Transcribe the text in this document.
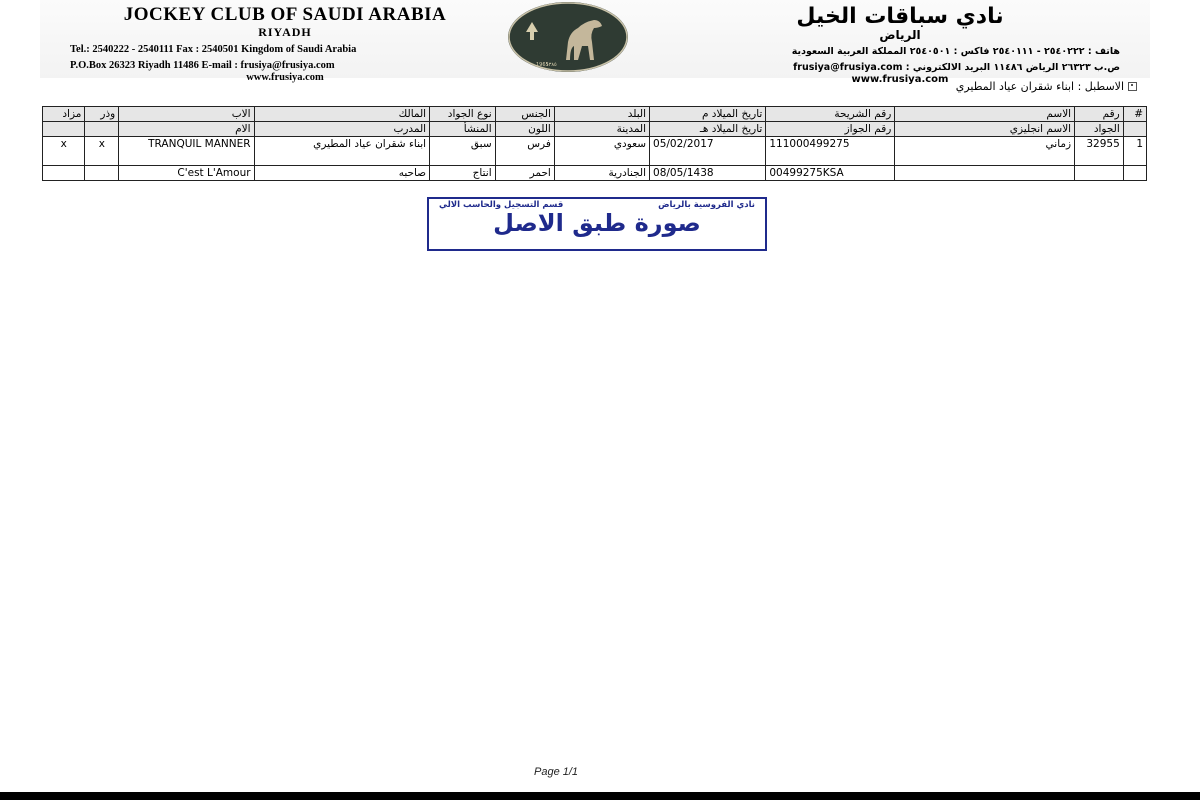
JOCKEY CLUB OF SAUDI ARABIA
RIYADH
Tel.: 2540222 - 2540111 Fax : 2540501 Kingdom of Saudi Arabia
P.O.Box 26323 Riyadh 11486 E-mail : frusiya@frusiya.com
www.frusiya.com
1965
١٣٨٥
نادي سباقات الخيل
الرياض
هاتف : ٢٥٤٠٢٢٢ - ٢٥٤٠١١١ فاكس : ٢٥٤٠٥٠١ المملكة العربية السعودية
ص.ب ٢٦٣٢٣ الرياض ١١٤٨٦ البريد الالكتروني : frusiya@frusiya.com
www.frusiya.com
الاسطبل : ابناء شقران عياد المطيري
#	رقم	الاسم	رقم الشريحة	تاريخ الميلاد م	البلد	الجنس	نوع الجواد	المالك	الاب	وذر	مزاد
	الجواد	الاسم انجليزي	رقم الجواز	تاريخ الميلاد هـ	المدينة	اللون	المنشأ	المدرب	الام		
1	32955	زماني	111000499275	05/02/2017	سعودي	فرس	سبق	ابناء شقران عياد المطيري	TRANQUIL MANNER	x	x
			00499275KSA	08/05/1438	الجنادرية	احمر	انتاج	صاحبه	C'est L'Amour		
نادي الفروسية بالرياض
قسم التسجيل والحاسب الالي
صورة طبق الاصل
Page 1/1
